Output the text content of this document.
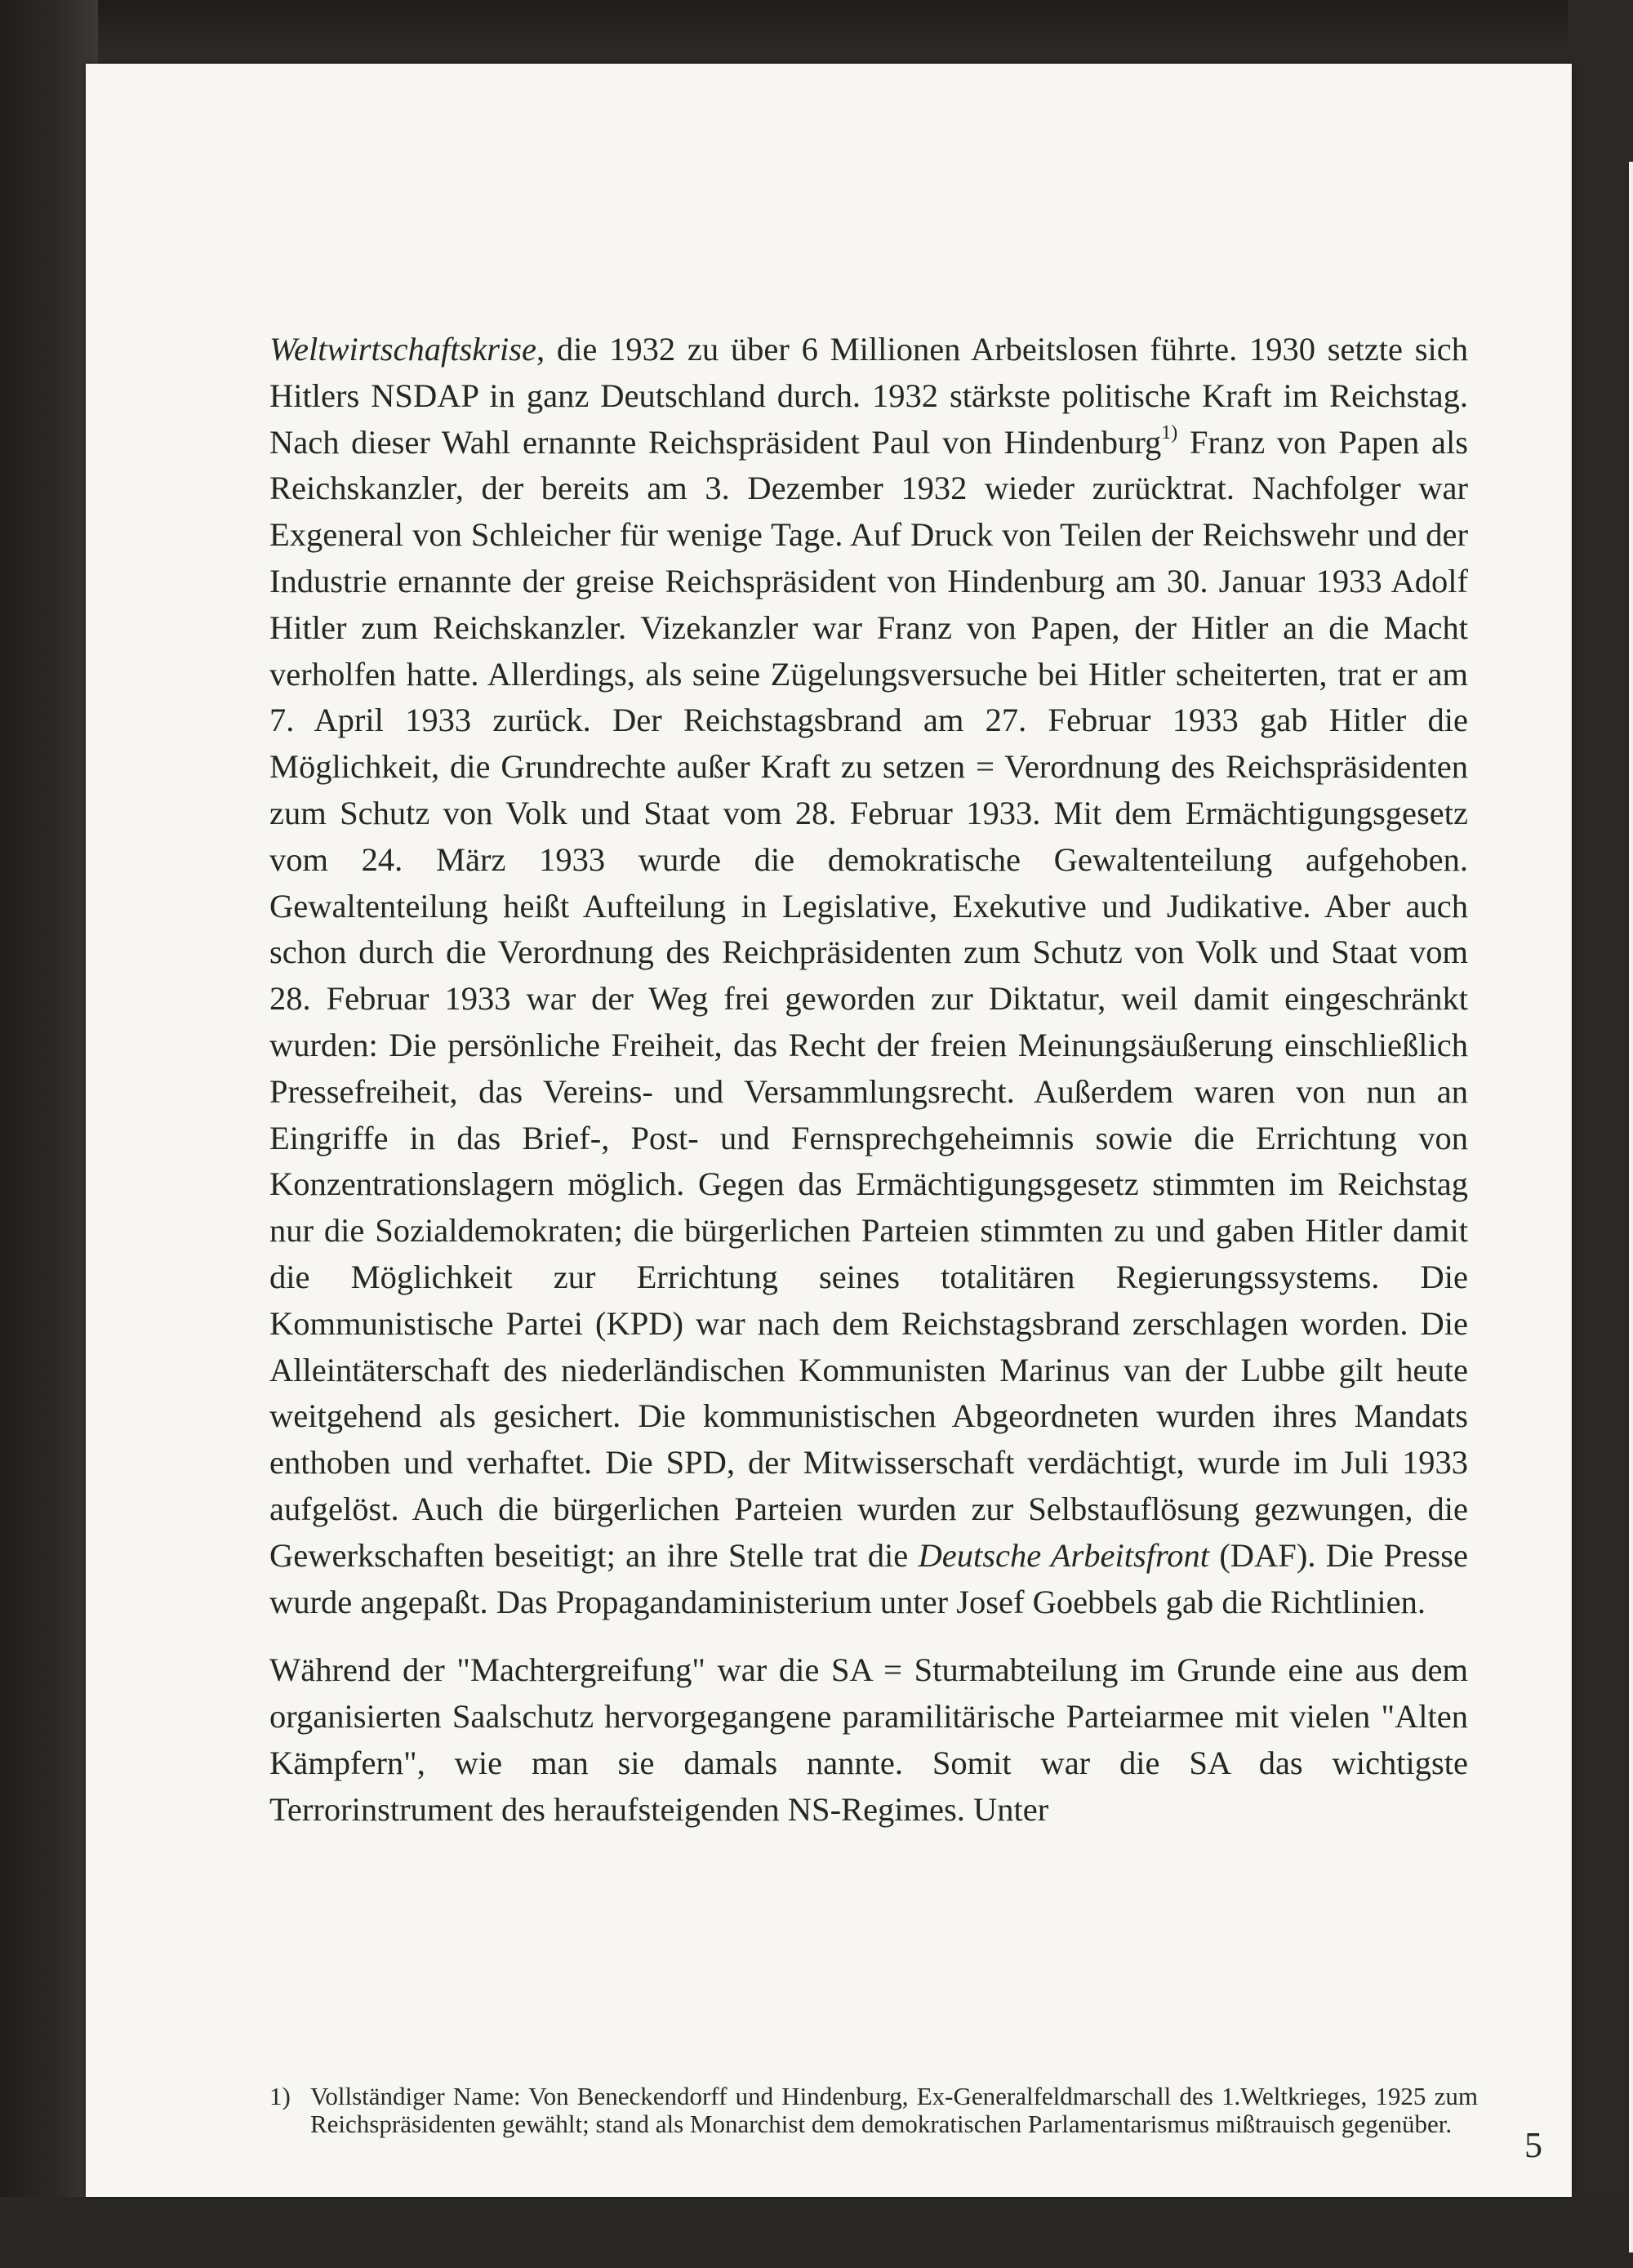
Weltwirtschaftskrise, die 1932 zu über 6 Millionen Arbeitslosen führte. 1930 setzte sich Hitlers NSDAP in ganz Deutschland durch. 1932 stärkste politische Kraft im Reichstag. Nach dieser Wahl ernannte Reichspräsident Paul von Hindenburg$^{1)}$ Franz von Papen als Reichskanzler, der bereits am 3. Dezember 1932 wieder zurücktrat. Nachfolger war Exgeneral von Schleicher für wenige Tage. Auf Druck von Teilen der Reichswehr und der Industrie ernannte der greise Reichspräsident von Hindenburg am 30. Januar 1933 Adolf Hitler zum Reichskanzler. Vizekanzler war Franz von Papen, der Hitler an die Macht verholfen hatte. Allerdings, als seine Zügelungsversuche bei Hitler scheiterten, trat er am 7. April 1933 zurück. Der Reichstagsbrand am 27. Februar 1933 gab Hitler die Möglichkeit, die Grundrechte außer Kraft zu setzen = Verordnung des Reichspräsidenten zum Schutz von Volk und Staat vom 28. Februar 1933. Mit dem Ermächtigungsgesetz vom 24. März 1933 wurde die demokratische Gewaltenteilung aufgehoben. Gewaltenteilung heißt Aufteilung in Legislative, Exekutive und Judikative. Aber auch schon durch die Verordnung des Reichpräsidenten zum Schutz von Volk und Staat vom 28. Februar 1933 war der Weg frei geworden zur Diktatur, weil damit eingeschränkt wurden: Die persönliche Freiheit, das Recht der freien Meinungsäußerung einschließlich Pressefreiheit, das Vereins- und Versammlungsrecht. Außerdem waren von nun an Eingriffe in das Brief-, Post- und Fernsprechgeheimnis sowie die Errichtung von Konzentrationslagern möglich. Gegen das Ermächtigungsgesetz stimmten im Reichstag nur die Sozialdemokraten; die bürgerlichen Parteien stimmten zu und gaben Hitler damit die Möglichkeit zur Errichtung seines totalitären Regierungssystems. Die Kommunistische Partei (KPD) war nach dem Reichstagsbrand zerschlagen worden. Die Alleintäterschaft des niederländischen Kommunisten Marinus van der Lubbe gilt heute weitgehend als gesichert. Die kommunistischen Abgeordneten wurden ihres Mandats enthoben und verhaftet. Die SPD, der Mitwisserschaft verdächtigt, wurde im Juli 1933 aufgelöst. Auch die bürgerlichen Parteien wurden zur Selbstauflösung gezwungen, die Gewerkschaften beseitigt; an ihre Stelle trat die Deutsche Arbeitsfront (DAF). Die Presse wurde angepaßt. Das Propagandaministerium unter Josef Goebbels gab die Richtlinien.

Während der "Machtergreifung" war die SA = Sturmabteilung im Grunde eine aus dem organisierten Saalschutz hervorgegangene paramilitärische Parteiarmee mit vielen "Alten Kämpfern", wie man sie damals nannte. Somit war die SA das wichtigste Terrorinstrument des heraufsteigenden NS-Regimes. Unter

1) Vollständiger Name: Von Beneckendorff und Hindenburg, Ex-Generalfeldmarschall des 1.Weltkrieges, 1925 zum Reichspräsidenten gewählt; stand als Monarchist dem demokratischen Parlamentarismus mißtrauisch gegenüber.
5
